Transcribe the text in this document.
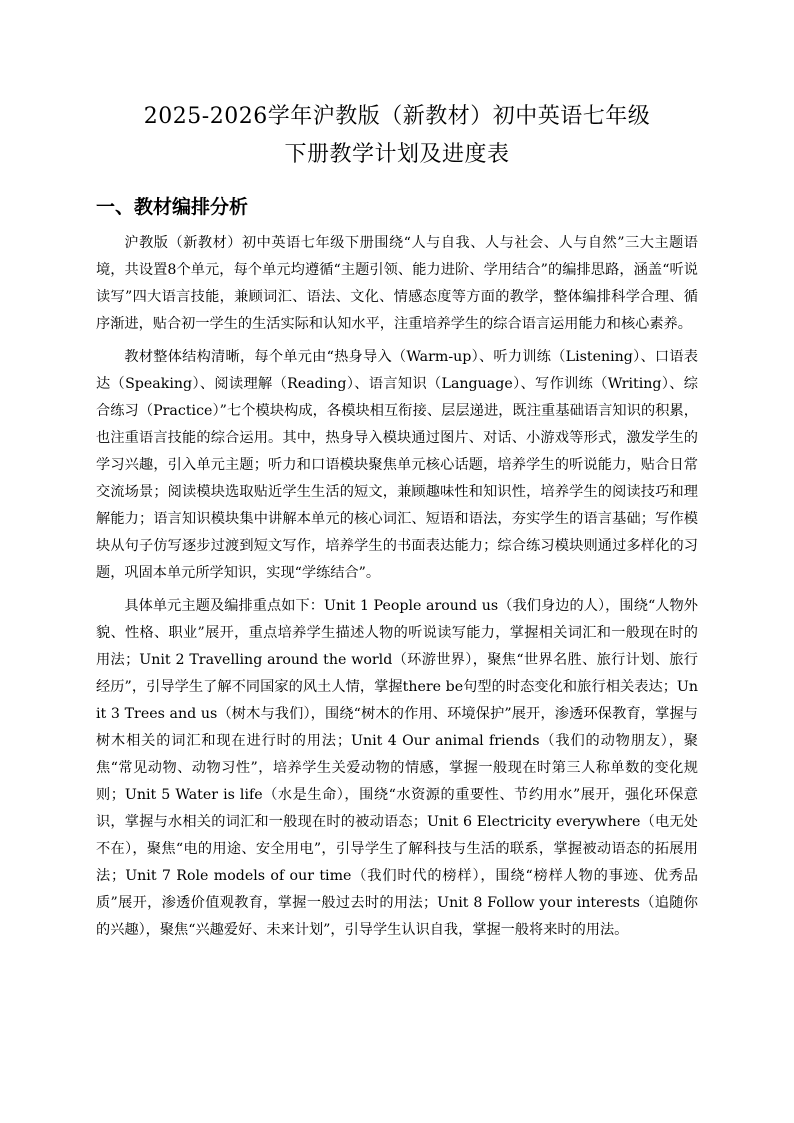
2025-2026学年沪教版（新教材）初中英语七年级
下册教学计划及进度表
一、教材编排分析

沪教版（新教材）初中英语七年级下册围绕“人与自我、人与社会、人与自然”三大主题语境，共设置8个单元，每个单元均遵循“主题引领、能力进阶、学用结合”的编排思路，涵盖“听说读写”四大语言技能，兼顾词汇、语法、文化、情感态度等方面的教学，整体编排科学合理、循序渐进，贴合初一学生的生活实际和认知水平，注重培养学生的综合语言运用能力和核心素养。

教材整体结构清晰，每个单元由“热身导入（Warm-up）、听力训练（Listening）、口语表达（Speaking）、阅读理解（Reading）、语言知识（Language）、写作训练（Writing）、综合练习（Practice）”七个模块构成，各模块相互衔接、层层递进，既注重基础语言知识的积累，也注重语言技能的综合运用。其中，热身导入模块通过图片、对话、小游戏等形式，激发学生的学习兴趣，引入单元主题；听力和口语模块聚焦单元核心话题，培养学生的听说能力，贴合日常交流场景；阅读模块选取贴近学生生活的短文，兼顾趣味性和知识性，培养学生的阅读技巧和理解能力；语言知识模块集中讲解本单元的核心词汇、短语和语法，夯实学生的语言基础；写作模块从句子仿写逐步过渡到短文写作，培养学生的书面表达能力；综合练习模块则通过多样化的习题，巩固本单元所学知识，实现“学练结合”。

具体单元主题及编排重点如下：Unit 1 People around us（我们身边的人），围绕“人物外貌、性格、职业”展开，重点培养学生描述人物的听说读写能力，掌握相关词汇和一般现在时的用法；Unit 2 Travelling around the world（环游世界），聚焦“世界名胜、旅行计划、旅行经历”，引导学生了解不同国家的风土人情，掌握there be句型的时态变化和旅行相关表达；Unit 3 Trees and us（树木与我们），围绕“树木的作用、环境保护”展开，渗透环保教育，掌握与树木相关的词汇和现在进行时的用法；Unit 4 Our animal friends（我们的动物朋友），聚焦“常见动物、动物习性”，培养学生关爱动物的情感，掌握一般现在时第三人称单数的变化规则；Unit 5 Water is life（水是生命），围绕“水资源的重要性、节约用水”展开，强化环保意识，掌握与水相关的词汇和一般现在时的被动语态；Unit 6 Electricity everywhere（电无处不在），聚焦“电的用途、安全用电”，引导学生了解科技与生活的联系，掌握被动语态的拓展用法；Unit 7 Role models of our time（我们时代的榜样），围绕“榜样人物的事迹、优秀品质”展开，渗透价值观教育，掌握一般过去时的用法；Unit 8 Follow your interests（追随你的兴趣），聚焦“兴趣爱好、未来计划”，引导学生认识自我，掌握一般将来时的用法。
